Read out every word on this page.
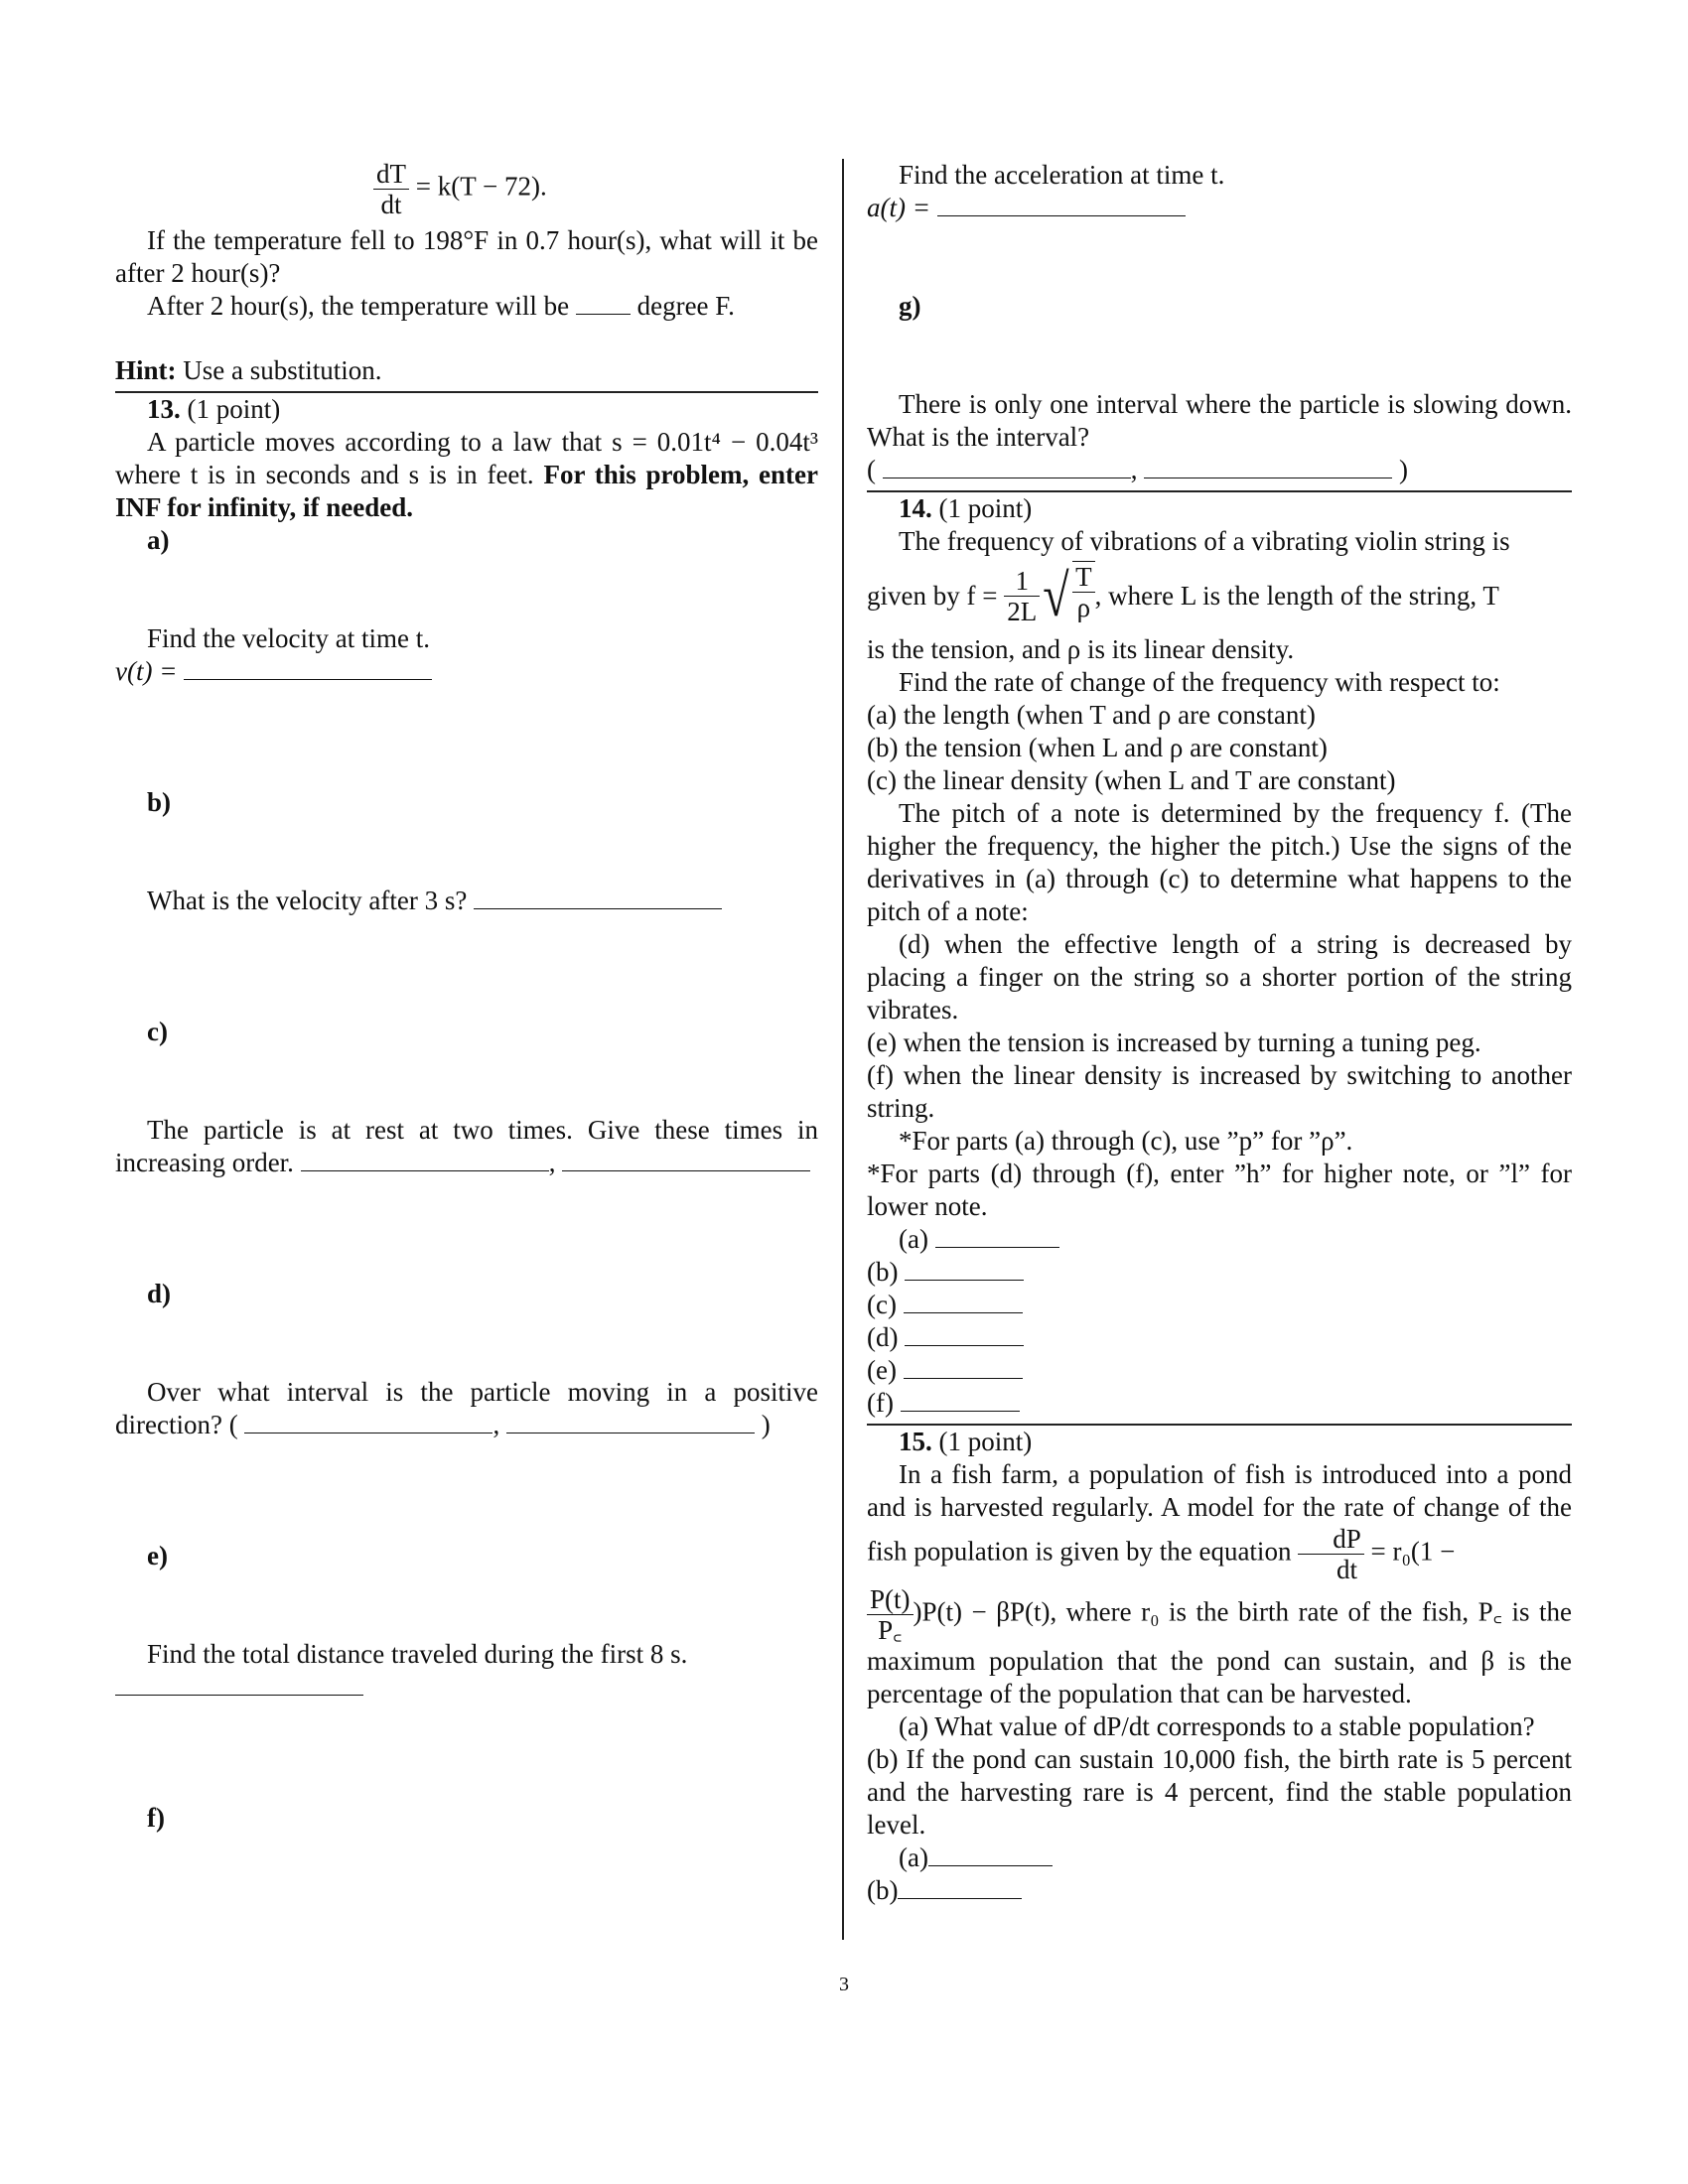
$\frac{dT}{dt} = k(T - 72)$.

If the temperature fell to 198°F in 0.7 hour(s), what will it be after 2 hour(s)?

After 2 hour(s), the temperature will be	degree F.

Hint: Use a substitution.

13. (1 point)

A particle moves according to a law that s = 0.01t⁴ − 0.04t³ where t is in seconds and s is in feet. For this problem, enter INF for infinity, if needed.

a)

Find the velocity at time t.

v(t) =

b)

What is the velocity after 3 s?

c)

The particle is at rest at two times. Give these times in increasing order.	,

d)

Over what interval is the particle moving in a positive direction? (	,	)

e)

Find the total distance traveled during the first 8 s.

f)

Find the acceleration at time t.

a(t) =

g)

There is only one interval where the particle is slowing down. What is the interval?

(	,	)

14. (1 point)

The frequency of vibrations of a vibrating violin string is

given by f =
$\frac{1}{2L}$ √ $\frac{T}{\rho}$ , where L is the length of the string, T

is the tension, and ρ is its linear density.

Find the rate of change of the frequency with respect to:

(a) the length (when T and ρ are constant)

(b) the tension (when L and ρ are constant)

(c) the linear density (when L and T are constant)

The pitch of a note is determined by the frequency f. (The higher the frequency, the higher the pitch.) Use the signs of the derivatives in (a) through (c) to determine what happens to the pitch of a note:

(d) when the effective length of a string is decreased by placing a finger on the string so a shorter portion of the string vibrates.

(e) when the tension is increased by turning a tuning peg.

(f) when the linear density is increased by switching to another string.

*For parts (a) through (c), use ”p” for ”ρ”.

*For parts (d) through (f), enter ”h” for higher note, or ”l” for lower note.

(a)

(b)

(c)

(d)

(e)

(f)

15. (1 point)

In a fish farm, a population of fish is introduced into a pond and is harvested regularly. A model for the rate of change of the fish population is given by the equation $\frac{dP}{dt} = r_0(1$ −

$\frac{P(t)}{P꜀} )P(t) - \beta P(t)$, where r₀ is the birth rate of the fish, P꜀ is the maximum population that the pond can sustain, and β is the percentage of the population that can be harvested.

(a) What value of dP/dt corresponds to a stable population?

(b) If the pond can sustain 10,000 fish, the birth rate is 5 percent and the harvesting rare is 4 percent, find the stable population level.

(a)

(b)

3
